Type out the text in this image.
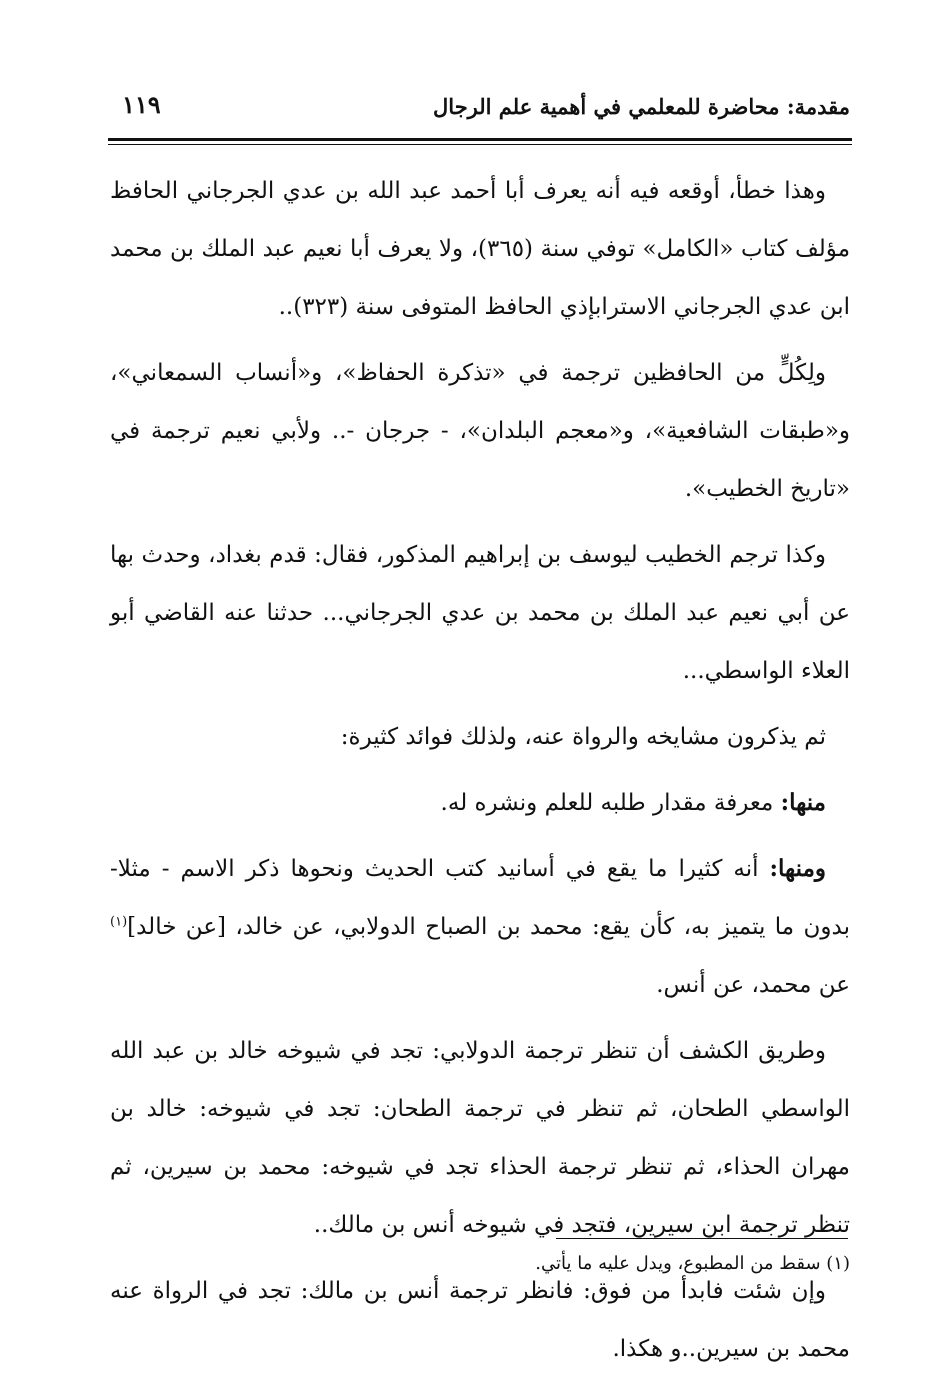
مقدمة: محاضرة للمعلمي في أهمية علم الرجال
١١٩

وهذا خطأ، أوقعه فيه أنه يعرف أبا أحمد عبد الله بن عدي الجرجاني الحافظ مؤلف كتاب «الكامل» توفي سنة (٣٦٥)، ولا يعرف أبا نعيم عبد الملك بن محمد ابن عدي الجرجاني الاسترابإذي الحافظ المتوفى سنة (٣٢٣)..

ولِكُلٍّ من الحافظين ترجمة في «تذكرة الحفاظ»، و«أنساب السمعاني»، و«طبقات الشافعية»، و«معجم البلدان»، - جرجان -.. ولأبي نعيم ترجمة في «تاريخ الخطيب».

وكذا ترجم الخطيب ليوسف بن إبراهيم المذكور، فقال: قدم بغداد، وحدث بها عن أبي نعيم عبد الملك بن محمد بن عدي الجرجاني... حدثنا عنه القاضي أبو العلاء الواسطي...

ثم يذكرون مشايخه والرواة عنه، ولذلك فوائد كثيرة:

منها: معرفة مقدار طلبه للعلم ونشره له.

ومنها: أنه كثيرا ما يقع في أسانيد كتب الحديث ونحوها ذكر الاسم - مثلا- بدون ما يتميز به، كأن يقع: محمد بن الصباح الدولابي، عن خالد، [عن خالد]$^{(١)}$ عن محمد، عن أنس.

وطريق الكشف أن تنظر ترجمة الدولابي: تجد في شيوخه خالد بن عبد الله الواسطي الطحان، ثم تنظر في ترجمة الطحان: تجد في شيوخه: خالد بن مهران الحذاء، ثم تنظر ترجمة الحذاء تجد في شيوخه: محمد بن سيرين، ثم تنظر ترجمة ابن سيرين، فتجد في شيوخه أنس بن مالك..

وإن شئت فابدأ من فوق: فانظر ترجمة أنس بن مالك: تجد في الرواة عنه محمد بن سيرين..و هكذا.

(١) سقط من المطبوع، ويدل عليه ما يأتي.
